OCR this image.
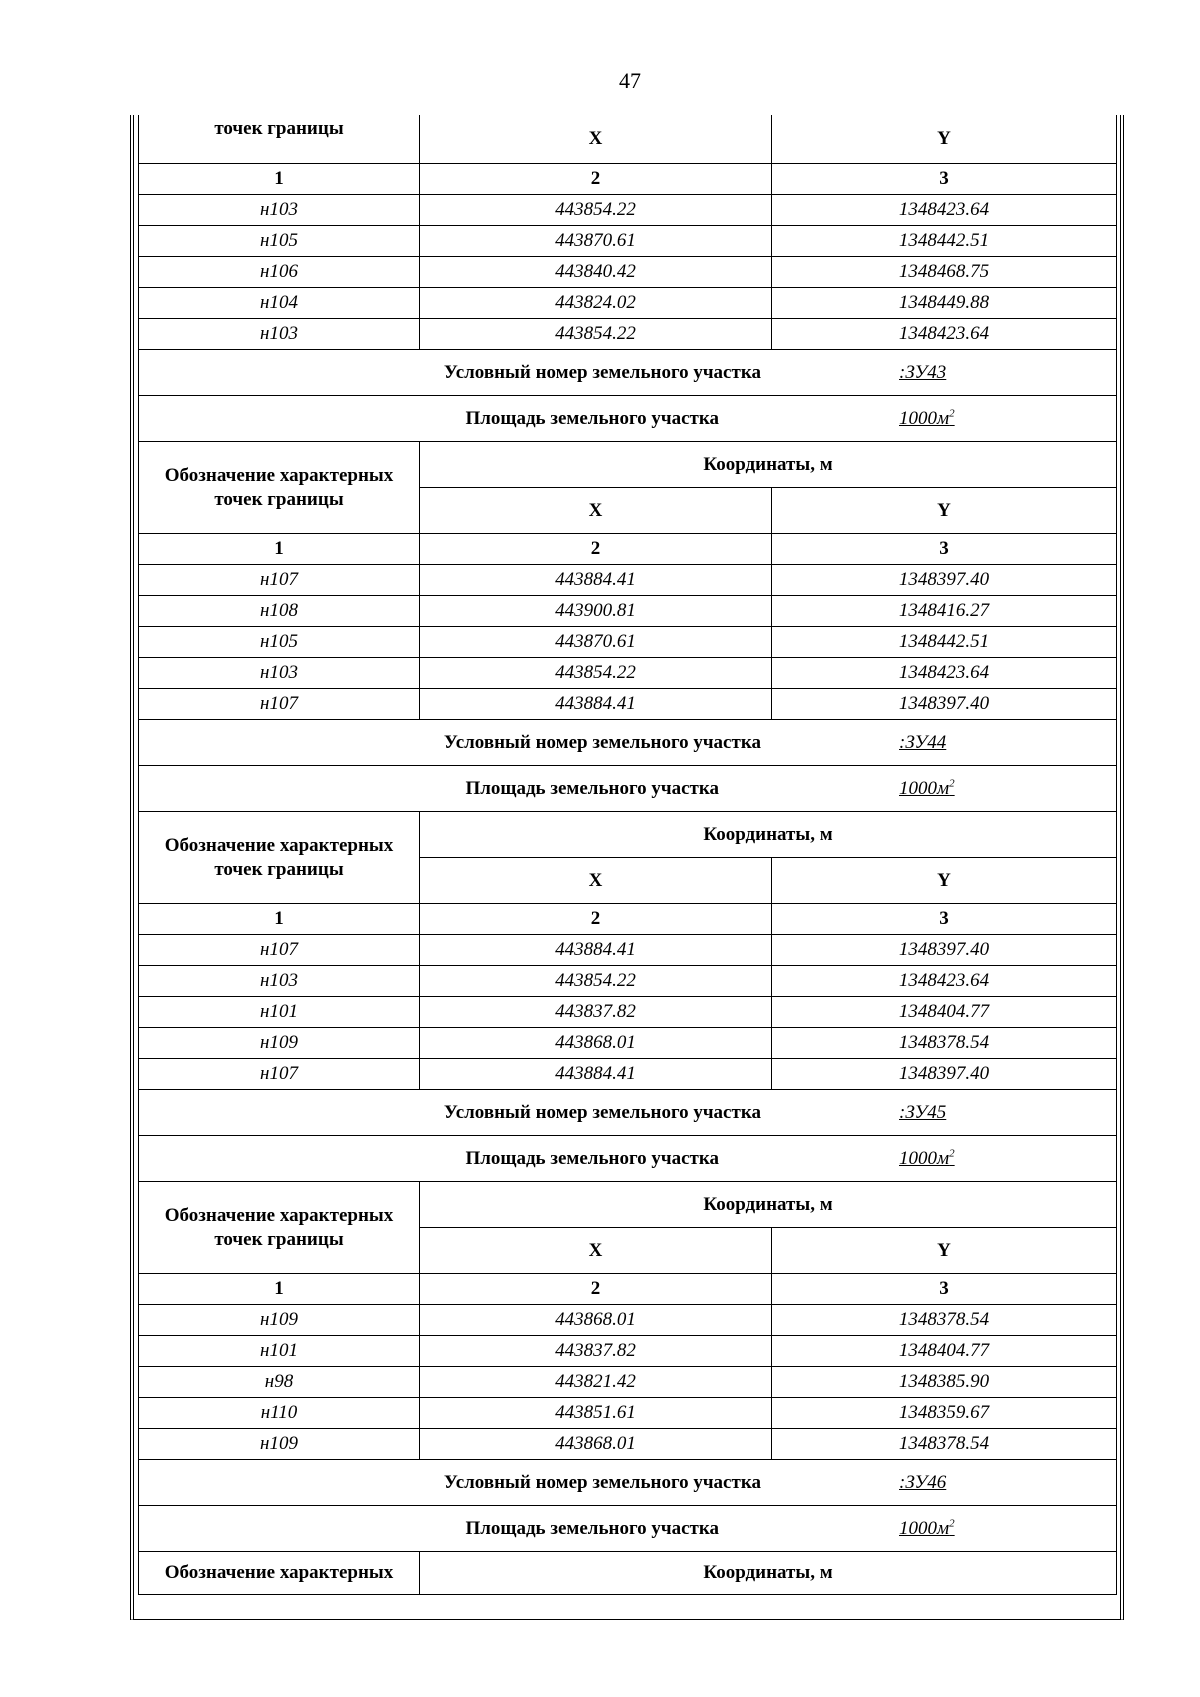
47
точек границы	X	Y
1	2	3
н103	443854.22	1348423.64
н105	443870.61	1348442.51
н106	443840.42	1348468.75
н104	443824.02	1348449.88
н103	443854.22	1348423.64

Условный номер земельного участка :ЗУ43		

Площадь земельного участка $1000м^2$

Обозначение характерных
точек границы	Координаты, м	
	X	Y
1	2	3
н107	443884.41	1348397.40
н108	443900.81	1348416.27
н105	443870.61	1348442.51
н103	443854.22	1348423.64
н107	443884.41	1348397.40

Условный номер земельного участка :ЗУ44		

Площадь земельного участка $1000м^2$

Обозначение характерных
точек границы	Координаты, м	
	X	Y
1	2	3
н107	443884.41	1348397.40
н103	443854.22	1348423.64
н101	443837.82	1348404.77
н109	443868.01	1348378.54
н107	443884.41	1348397.40

Условный номер земельного участка :ЗУ45		

Площадь земельного участка $1000м^2$

Обозначение характерных
точек границы	Координаты, м	
	X	Y
1	2	3
н109	443868.01	1348378.54
н101	443837.82	1348404.77
н98	443821.42	1348385.90
н110	443851.61	1348359.67
н109	443868.01	1348378.54

Условный номер земельного участка :ЗУ46		

Площадь земельного участка $1000м^2$

Обозначение характерных	Координаты, м	
